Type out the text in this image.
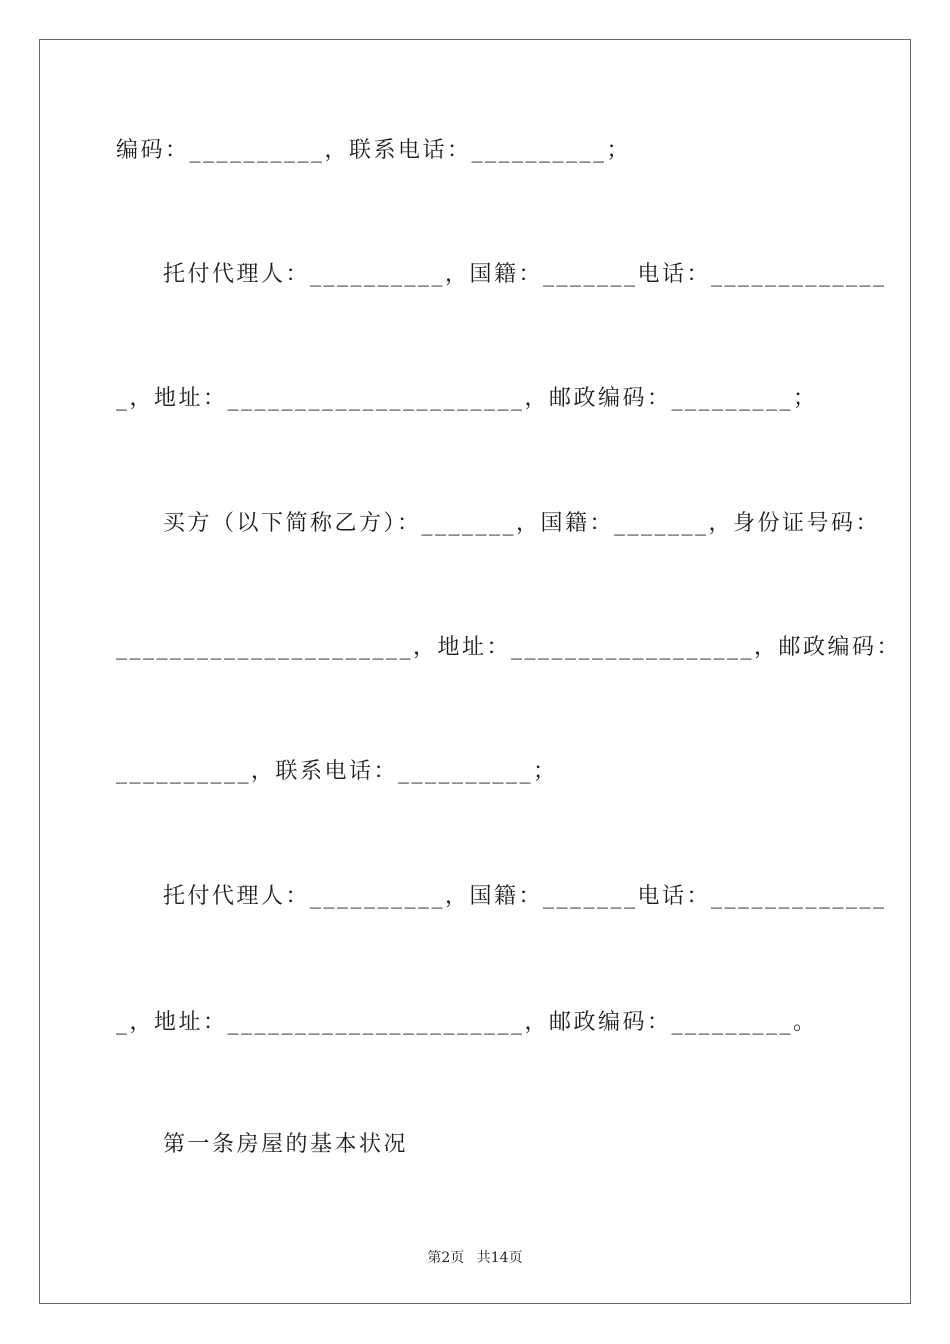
编码：__________，联系电话：__________；
托付代理人：__________，国籍：_______电话：_____________
_，地址：______________________，邮政编码：_________；
买方（以下简称乙方）：_______，国籍：_______，身份证号码：
______________________，地址：__________________，邮政编码：
__________，联系电话：__________；
托付代理人：__________，国籍：_______电话：_____________
_，地址：______________________，邮政编码：_________。
第一条房屋的基本状况
第2页 共14页
